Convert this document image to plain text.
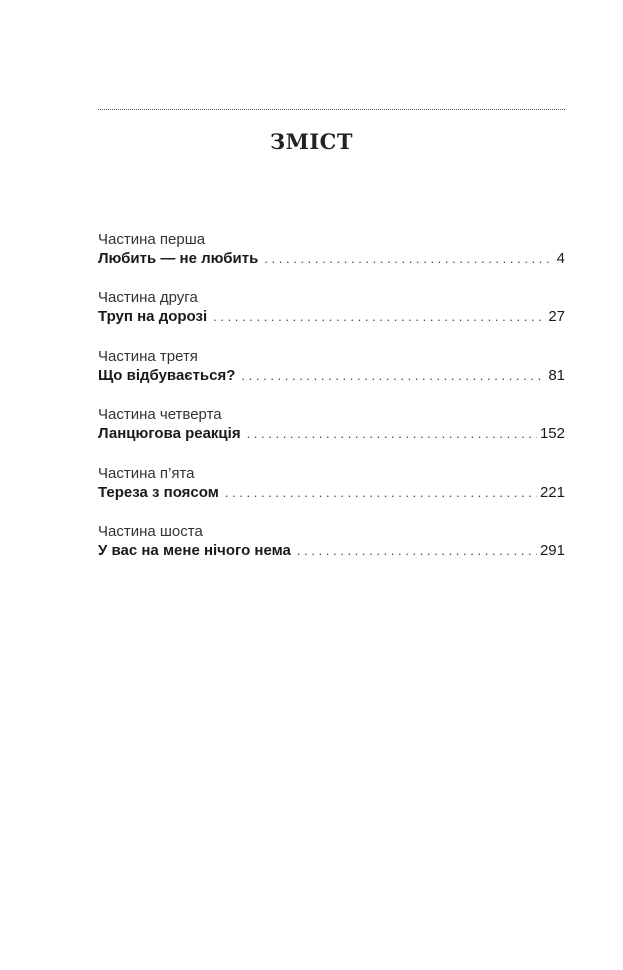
ЗМІСТ
Частина перша
Любить — не любить . . .	4
Частина друга
Труп на дорозі . . .	27
Частина третя
Що відбувається? . . .	81
Частина четверта
Ланцюгова реакція . . .	152
Частина п’ята
Тереза з поясом . . .	221
Частина шоста
У вас на мене нічого нема . . .	291
